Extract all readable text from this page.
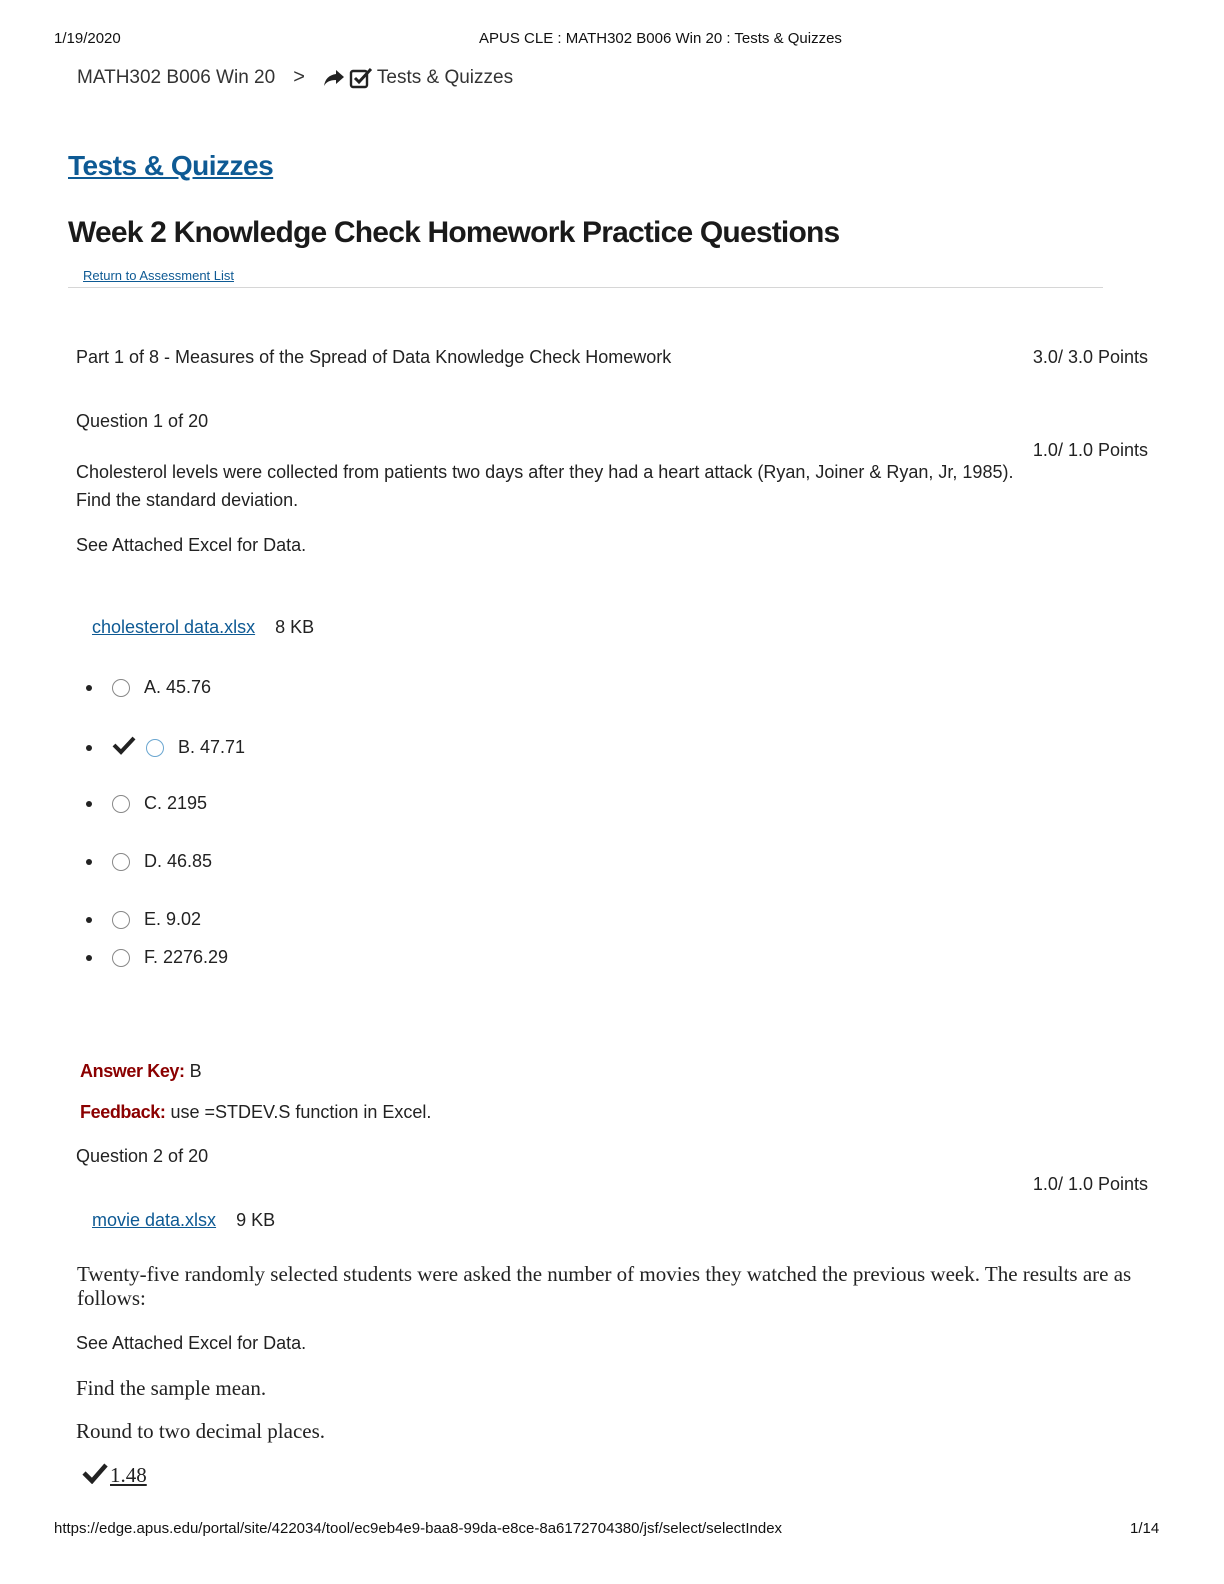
1/19/2020	APUS CLE : MATH302 B006 Win 20 : Tests & Quizzes
MATH302 B006 Win 20 >	Tests & Quizzes
Tests & Quizzes
Week 2 Knowledge Check Homework Practice Questions
Return to Assessment List
Part 1 of 8 - Measures of the Spread of Data Knowledge Check Homework	3.0/ 3.0 Points
Question 1 of 20
1.0/ 1.0 Points
Cholesterol levels were collected from patients two days after they had a heart attack (Ryan, Joiner & Ryan, Jr, 1985).
Find the standard deviation.
See Attached Excel for Data.
cholesterol data.xlsx 8 KB
A. 45.76
B. 47.71
C. 2195
D. 46.85
E. 9.02
F. 2276.29
Answer Key: B
Feedback: use =STDEV.S function in Excel.
Question 2 of 20
1.0/ 1.0 Points
movie data.xlsx 9 KB
Twenty-five randomly selected students were asked the number of movies they watched the previous week. The results are as follows:
See Attached Excel for Data.
Find the sample mean.
Round to two decimal places.
1.48
https://edge.apus.edu/portal/site/422034/tool/ec9eb4e9-baa8-99da-e8ce-8a6172704380/jsf/select/selectIndex	1/14
